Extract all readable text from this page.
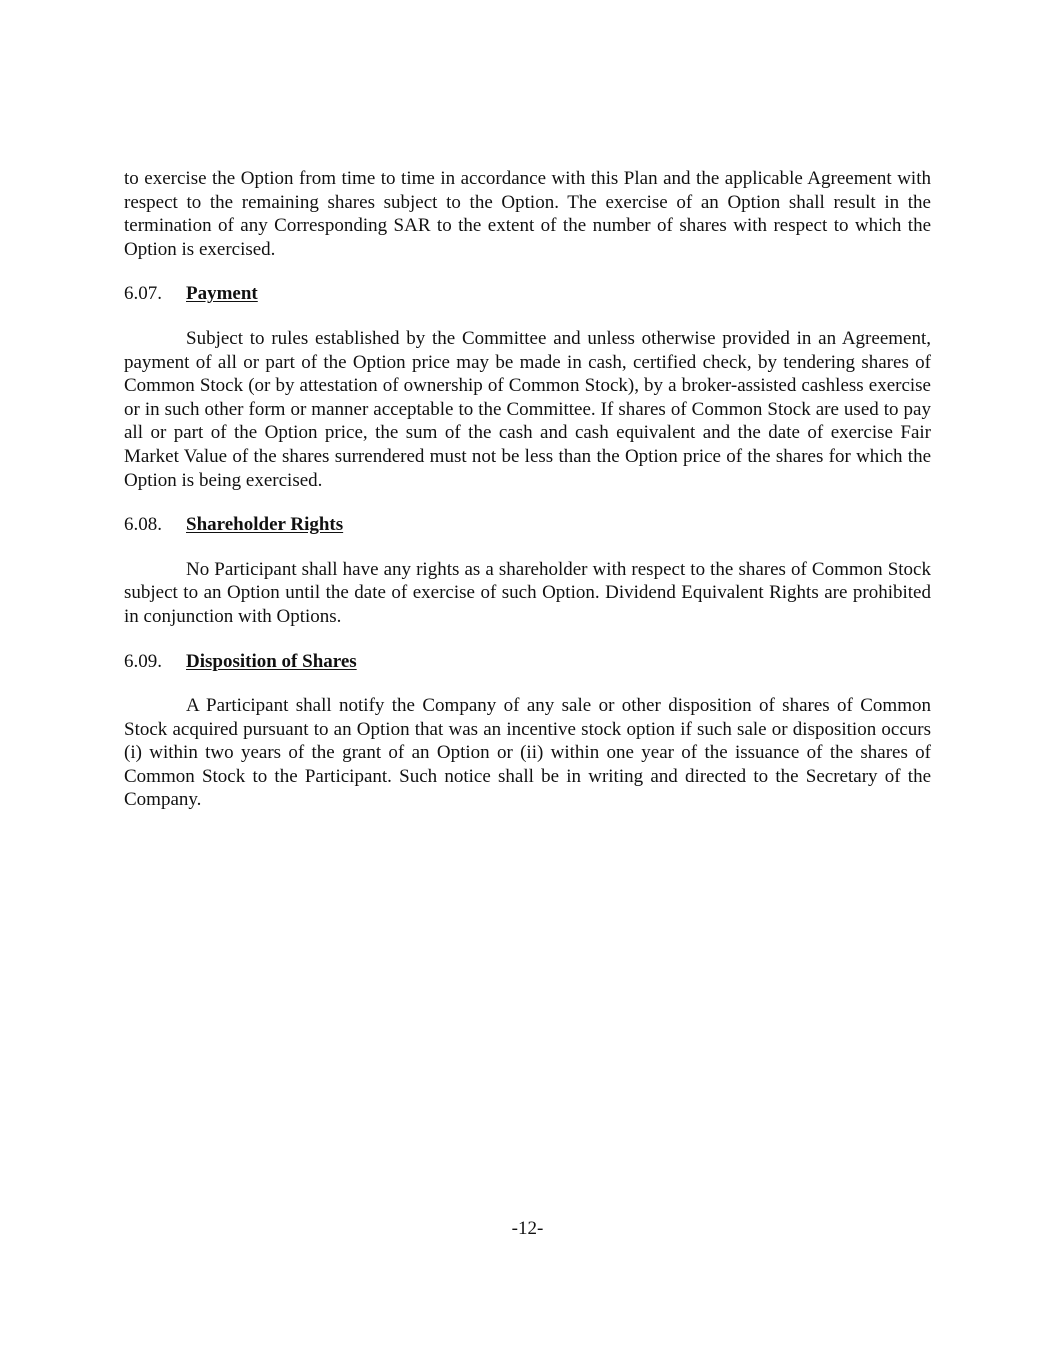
to exercise the Option from time to time in accordance with this Plan and the applicable Agreement with respect to the remaining shares subject to the Option. The exercise of an Option shall result in the termination of any Corresponding SAR to the extent of the number of shares with respect to which the Option is exercised.

6.07.	Payment

Subject to rules established by the Committee and unless otherwise provided in an Agreement, payment of all or part of the Option price may be made in cash, certified check, by tendering shares of Common Stock (or by attestation of ownership of Common Stock), by a broker-assisted cashless exercise or in such other form or manner acceptable to the Committee. If shares of Common Stock are used to pay all or part of the Option price, the sum of the cash and cash equivalent and the date of exercise Fair Market Value of the shares surrendered must not be less than the Option price of the shares for which the Option is being exercised.

6.08.	Shareholder Rights

No Participant shall have any rights as a shareholder with respect to the shares of Common Stock subject to an Option until the date of exercise of such Option. Dividend Equivalent Rights are prohibited in conjunction with Options.

6.09.	Disposition of Shares

A Participant shall notify the Company of any sale or other disposition of shares of Common Stock acquired pursuant to an Option that was an incentive stock option if such sale or disposition occurs (i) within two years of the grant of an Option or (ii) within one year of the issuance of the shares of Common Stock to the Participant. Such notice shall be in writing and directed to the Secretary of the Company.

-12-
